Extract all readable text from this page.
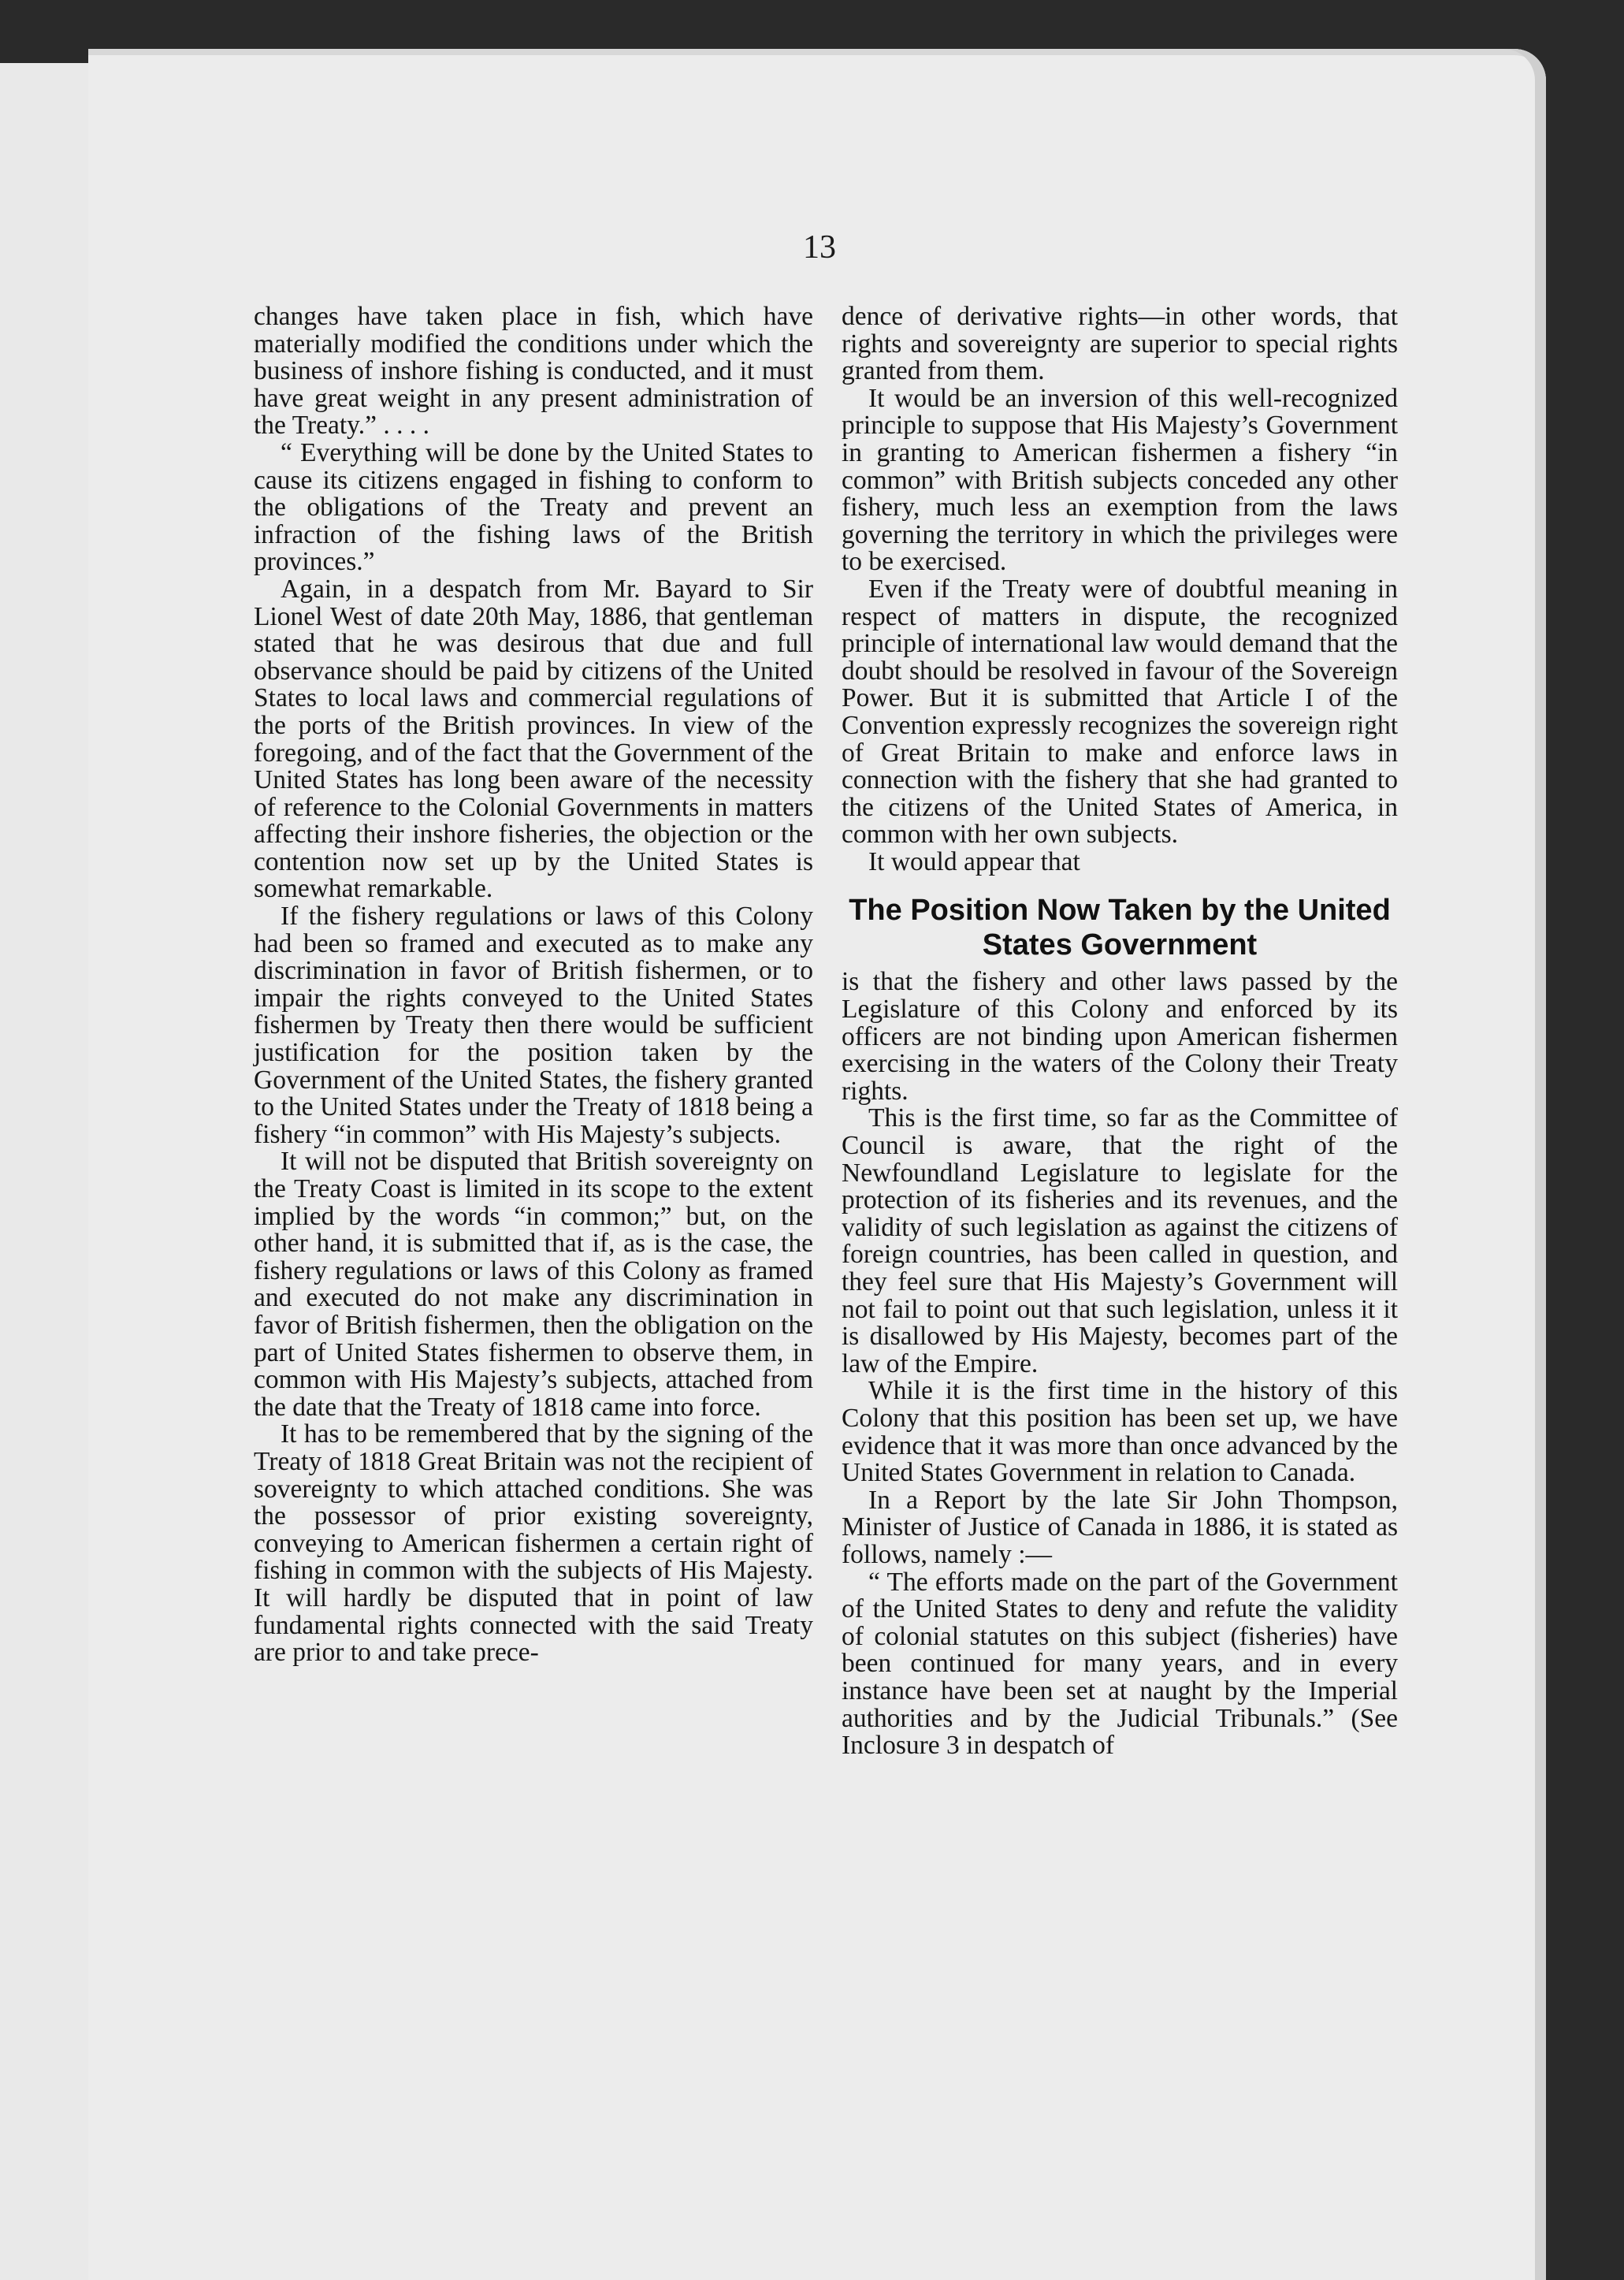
13

changes have taken place in fish, which have materially modified the conditions under which the business of inshore fishing is conducted, and it must have great weight in any present administration of the Treaty.” . . . .

“ Everything will be done by the United States to cause its citizens engaged in fishing to conform to the obligations of the Treaty and prevent an infraction of the fishing laws of the British provinces.”

Again, in a despatch from Mr. Bayard to Sir Lionel West of date 20th May, 1886, that gentleman stated that he was desirous that due and full observance should be paid by citizens of the United States to local laws and commercial regulations of the ports of the British provinces. In view of the foregoing, and of the fact that the Government of the United States has long been aware of the necessity of reference to the Colonial Governments in matters affecting their inshore fisheries, the objection or the contention now set up by the United States is somewhat remarkable.

If the fishery regulations or laws of this Colony had been so framed and executed as to make any discrimination in favor of British fishermen, or to impair the rights conveyed to the United States fishermen by Treaty then there would be sufficient justification for the position taken by the Government of the United States, the fishery granted to the United States under the Treaty of 1818 being a fishery “in common” with His Majesty’s subjects.

It will not be disputed that British sovereignty on the Treaty Coast is limited in its scope to the extent implied by the words “in common;” but, on the other hand, it is submitted that if, as is the case, the fishery regulations or laws of this Colony as framed and executed do not make any discrimination in favor of British fishermen, then the obligation on the part of United States fishermen to observe them, in common with His Majesty’s subjects, attached from the date that the Treaty of 1818 came into force.

It has to be remembered that by the signing of the Treaty of 1818 Great Britain was not the recipient of sovereignty to which attached conditions. She was the possessor of prior existing sovereignty, conveying to American fishermen a certain right of fishing in common with the subjects of His Majesty. It will hardly be disputed that in point of law fundamental rights connected with the said Treaty are prior to and take prece-

dence of derivative rights—in other words, that rights and sovereignty are superior to special rights granted from them.

It would be an inversion of this well-recognized principle to suppose that His Majesty’s Government in granting to American fishermen a fishery “in common” with British subjects conceded any other fishery, much less an exemption from the laws governing the territory in which the privileges were to be exercised.

Even if the Treaty were of doubtful meaning in respect of matters in dispute, the recognized principle of international law would demand that the doubt should be resolved in favour of the Sovereign Power. But it is submitted that Article I of the Convention expressly recognizes the sovereign right of Great Britain to make and enforce laws in connection with the fishery that she had granted to the citizens of the United States of America, in common with her own subjects.

It would appear that

The Position Now Taken by the United States Government

is that the fishery and other laws passed by the Legislature of this Colony and enforced by its officers are not binding upon American fishermen exercising in the waters of the Colony their Treaty rights.

This is the first time, so far as the Committee of Council is aware, that the right of the Newfoundland Legislature to legislate for the protection of its fisheries and its revenues, and the validity of such legislation as against the citizens of foreign countries, has been called in question, and they feel sure that His Majesty’s Government will not fail to point out that such legislation, unless it it is disallowed by His Majesty, becomes part of the law of the Empire.

While it is the first time in the history of this Colony that this position has been set up, we have evidence that it was more than once advanced by the United States Government in relation to Canada.

In a Report by the late Sir John Thompson, Minister of Justice of Canada in 1886, it is stated as follows, namely :—

“ The efforts made on the part of the Government of the United States to deny and refute the validity of colonial statutes on this subject (fisheries) have been continued for many years, and in every instance have been set at naught by the Imperial authorities and by the Judicial Tribunals.” (See Inclosure 3 in despatch of
